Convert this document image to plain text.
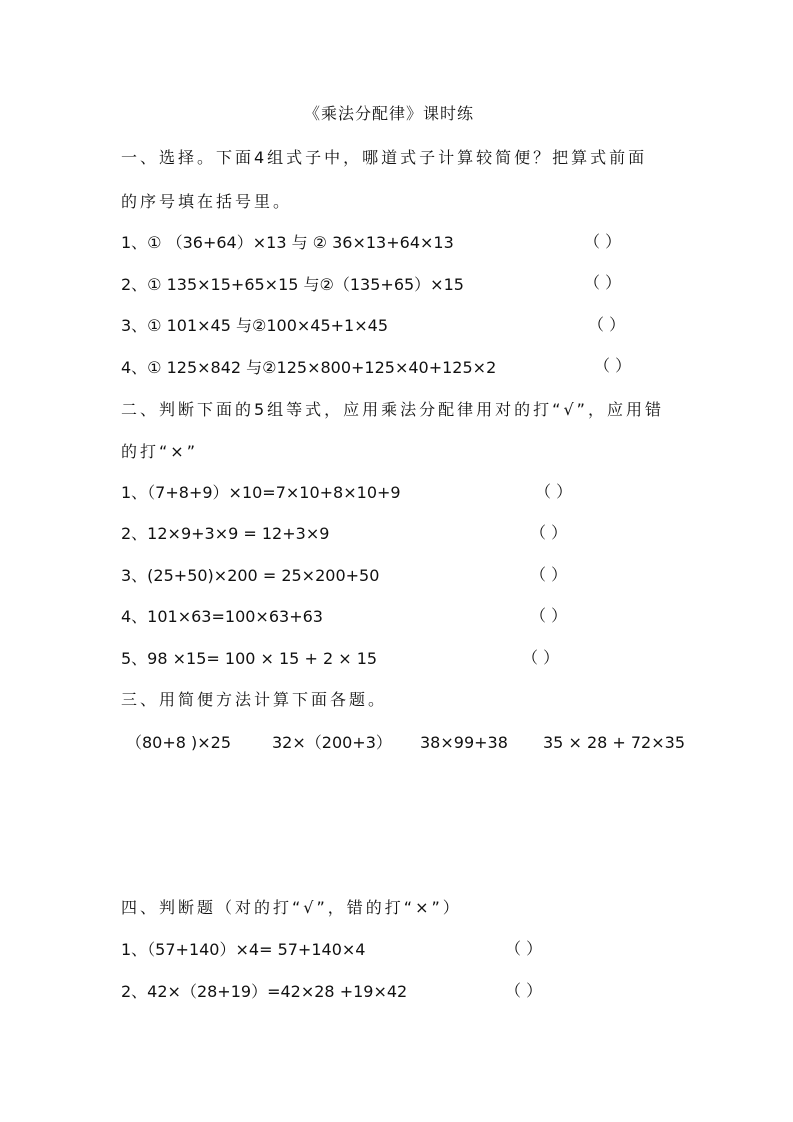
《乘法分配律》课时练
一、选择。下面4组式子中，哪道式子计算较简便？把算式前面
的序号填在括号里。
1、① （36+64）×13 与 ② 36×13+64×13	（ ）
2、① 135×15+65×15 与②（135+65）×15	（ ）
3、① 101×45 与②100×45+1×45	（ ）
4、① 125×842 与②125×800+125×40+125×2	（ ）
二、判断下面的5组等式，应用乘法分配律用对的打“√”，应用错
的打“×”
1、（7+8+9）×10=7×10+8×10+9	（ ）
2、12×9+3×9 = 12+3×9	（ ）
3、(25+50)×200 = 25×200+50	（ ）
4、101×63=100×63+63	（ ）
5、98 ×15= 100 × 15 + 2 × 15	（ ）
三、用简便方法计算下面各题。
（80+8 )×25	32×（200+3） 38×99+38 35 × 28 + 72×35
四、判断题（对的打“√”，错的打“×”）
1、（57+140）×4= 57+140×4	（ ）
2、42×（28+19）=42×28 +19×42	（ ）
